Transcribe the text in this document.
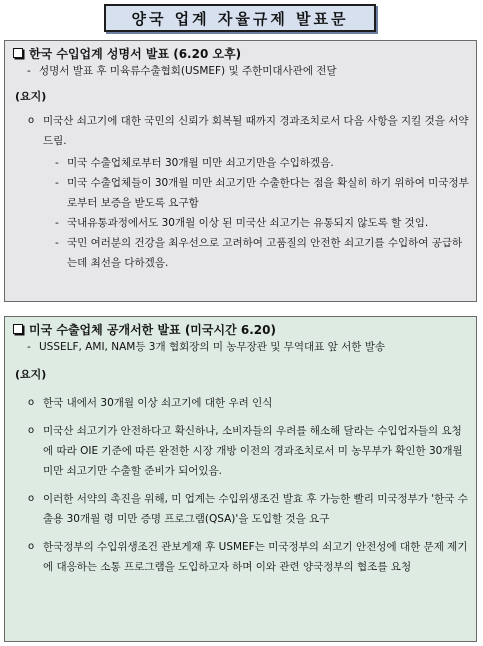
양국 업계 자율규제 발표문
한국 수입업계 성명서 발표 (6.20 오후)
- 성명서 발표 후 미육류수출협회(USMEF) 및 주한미대사관에 전달
(요지)
o 미국산 쇠고기에 대한 국민의 신뢰가 회복될 때까지 경과조치로서 다음 사항을 지킬 것을 서약드림.
- 미국 수출업체로부터 30개월 미만 쇠고기만을 수입하겠음.
- 미국 수출업체들이 30개월 미만 쇠고기만 수출한다는 점을 확실히 하기 위하여 미국정부로부터 보증을 받도록 요구함
- 국내유통과정에서도 30개월 이상 된 미국산 쇠고기는 유통되지 않도록 할 것임.
- 국민 여러분의 건강을 최우선으로 고려하여 고품질의 안전한 쇠고기를 수입하여 공급하는데 최선을 다하겠음.
미국 수출업체 공개서한 발표 (미국시간 6.20)
- USSELF, AMI, NAM등 3개 협회장의 미 농무장관 및 무역대표 앞 서한 발송
(요지)
o 한국 내에서 30개월 이상 쇠고기에 대한 우려 인식
o 미국산 쇠고기가 안전하다고 확신하나, 소비자들의 우려를 해소해 달라는 수입업자들의 요청에 따라 OIE 기준에 따른 완전한 시장 개방 이전의 경과조치로서 미 농무부가 확인한 30개월 미만 쇠고기만 수출할 준비가 되어있음.
o 이러한 서약의 촉진을 위해, 미 업계는 수입위생조건 발효 후 가능한 빨리 미국정부가 '한국 수출용 30개월 령 미만 증명 프로그램(QSA)'을 도입할 것을 요구
o 한국정부의 수입위생조건 관보게재 후 USMEF는 미국정부의 쇠고기 안전성에 대한 문제 제기에 대응하는 소통 프로그램을 도입하고자 하며 이와 관련 양국정부의 협조를 요청
